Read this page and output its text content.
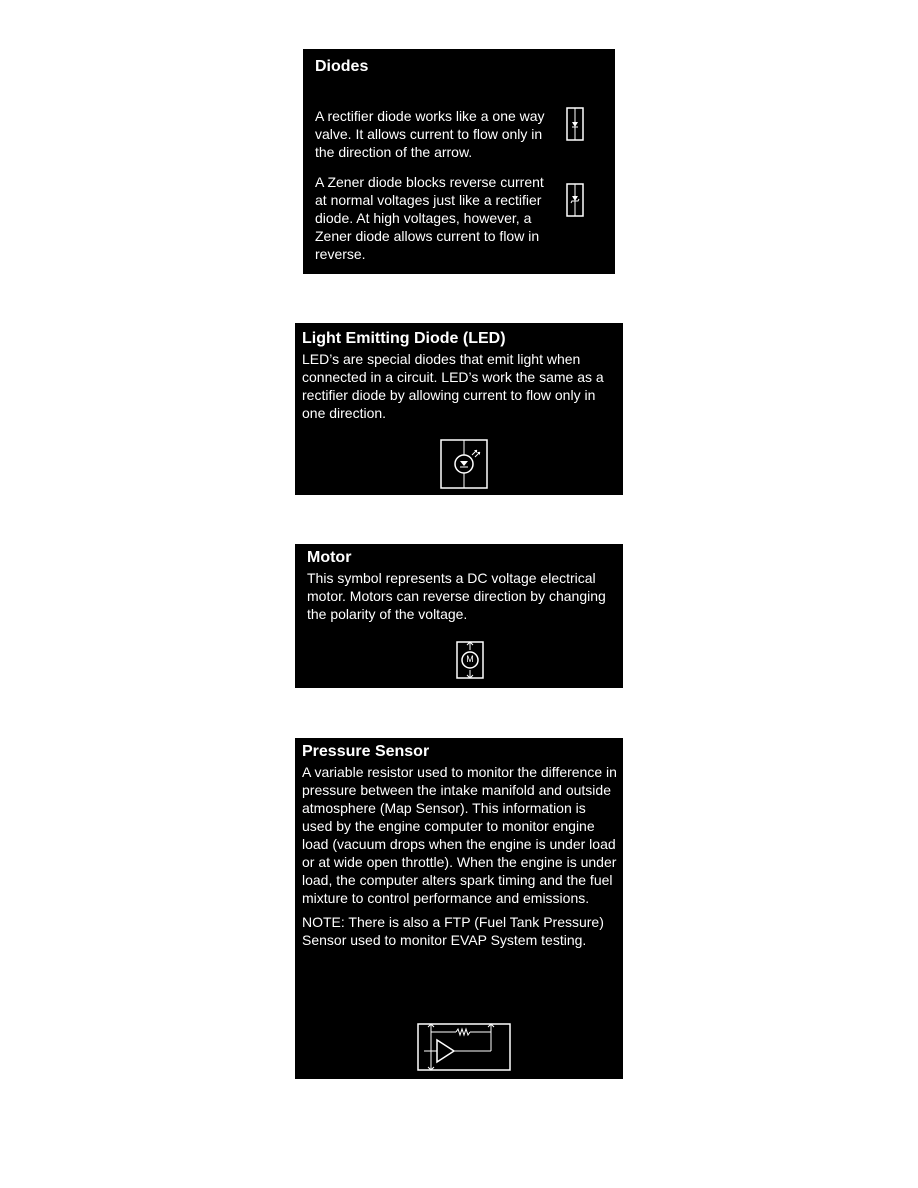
Diodes

A rectifier diode works like a one way valve. It allows current to flow only in the direction of the arrow.

A Zener diode blocks reverse current at normal voltages just like a rectifier diode. At high voltages, however, a Zener diode allows current to flow in reverse.

Light Emitting Diode (LED)

LED’s are special diodes that emit light when connected in a circuit. LED’s work the same as a rectifier diode by allowing current to flow only in one direction.

Motor

This symbol represents a DC voltage electrical motor. Motors can reverse direction by changing the polarity of the voltage.

M
Pressure Sensor

A variable resistor used to monitor the difference in pressure between the intake manifold and outside atmosphere (Map Sensor). This information is used by the engine computer to monitor engine load (vacuum drops when the engine is under load or at wide open throttle). When the engine is under load, the computer alters spark timing and the fuel mixture to control performance and emissions.

NOTE: There is also a FTP (Fuel Tank Pressure) Sensor used to monitor EVAP System testing.
